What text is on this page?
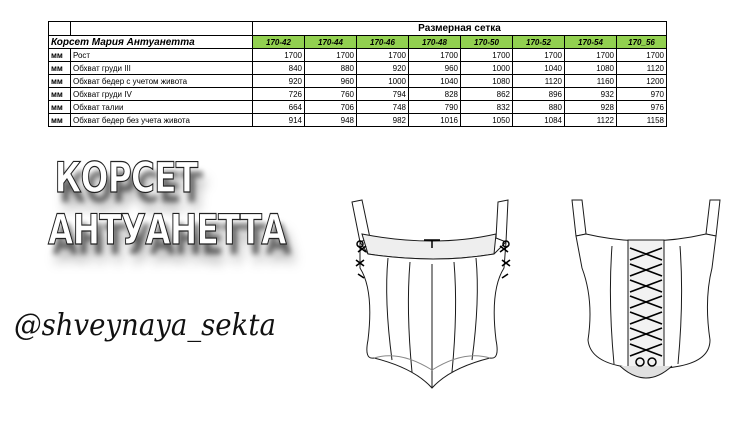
		Размерная сетка							
Корсет Мария Антуанетта		170-42	170-44	170-46	170-48	170-50	170-52	170-54	170_56
мм	Рост	1700	1700	1700	1700	1700	1700	1700	1700
мм	Обхват груди III	840	880	920	960	1000	1040	1080	1120
мм	Обхват бедер с учетом живота	920	960	1000	1040	1080	1120	1160	1200
мм	Обхват груди IV	726	760	794	828	862	896	932	970
мм	Обхват талии	664	706	748	790	832	880	928	976
мм	Обхват бедер без учета живота	914	948	982	1016	1050	1084	1122	1158
КОРСЕТ
АНТУАНЕТТА
@shveynaya_sekta
